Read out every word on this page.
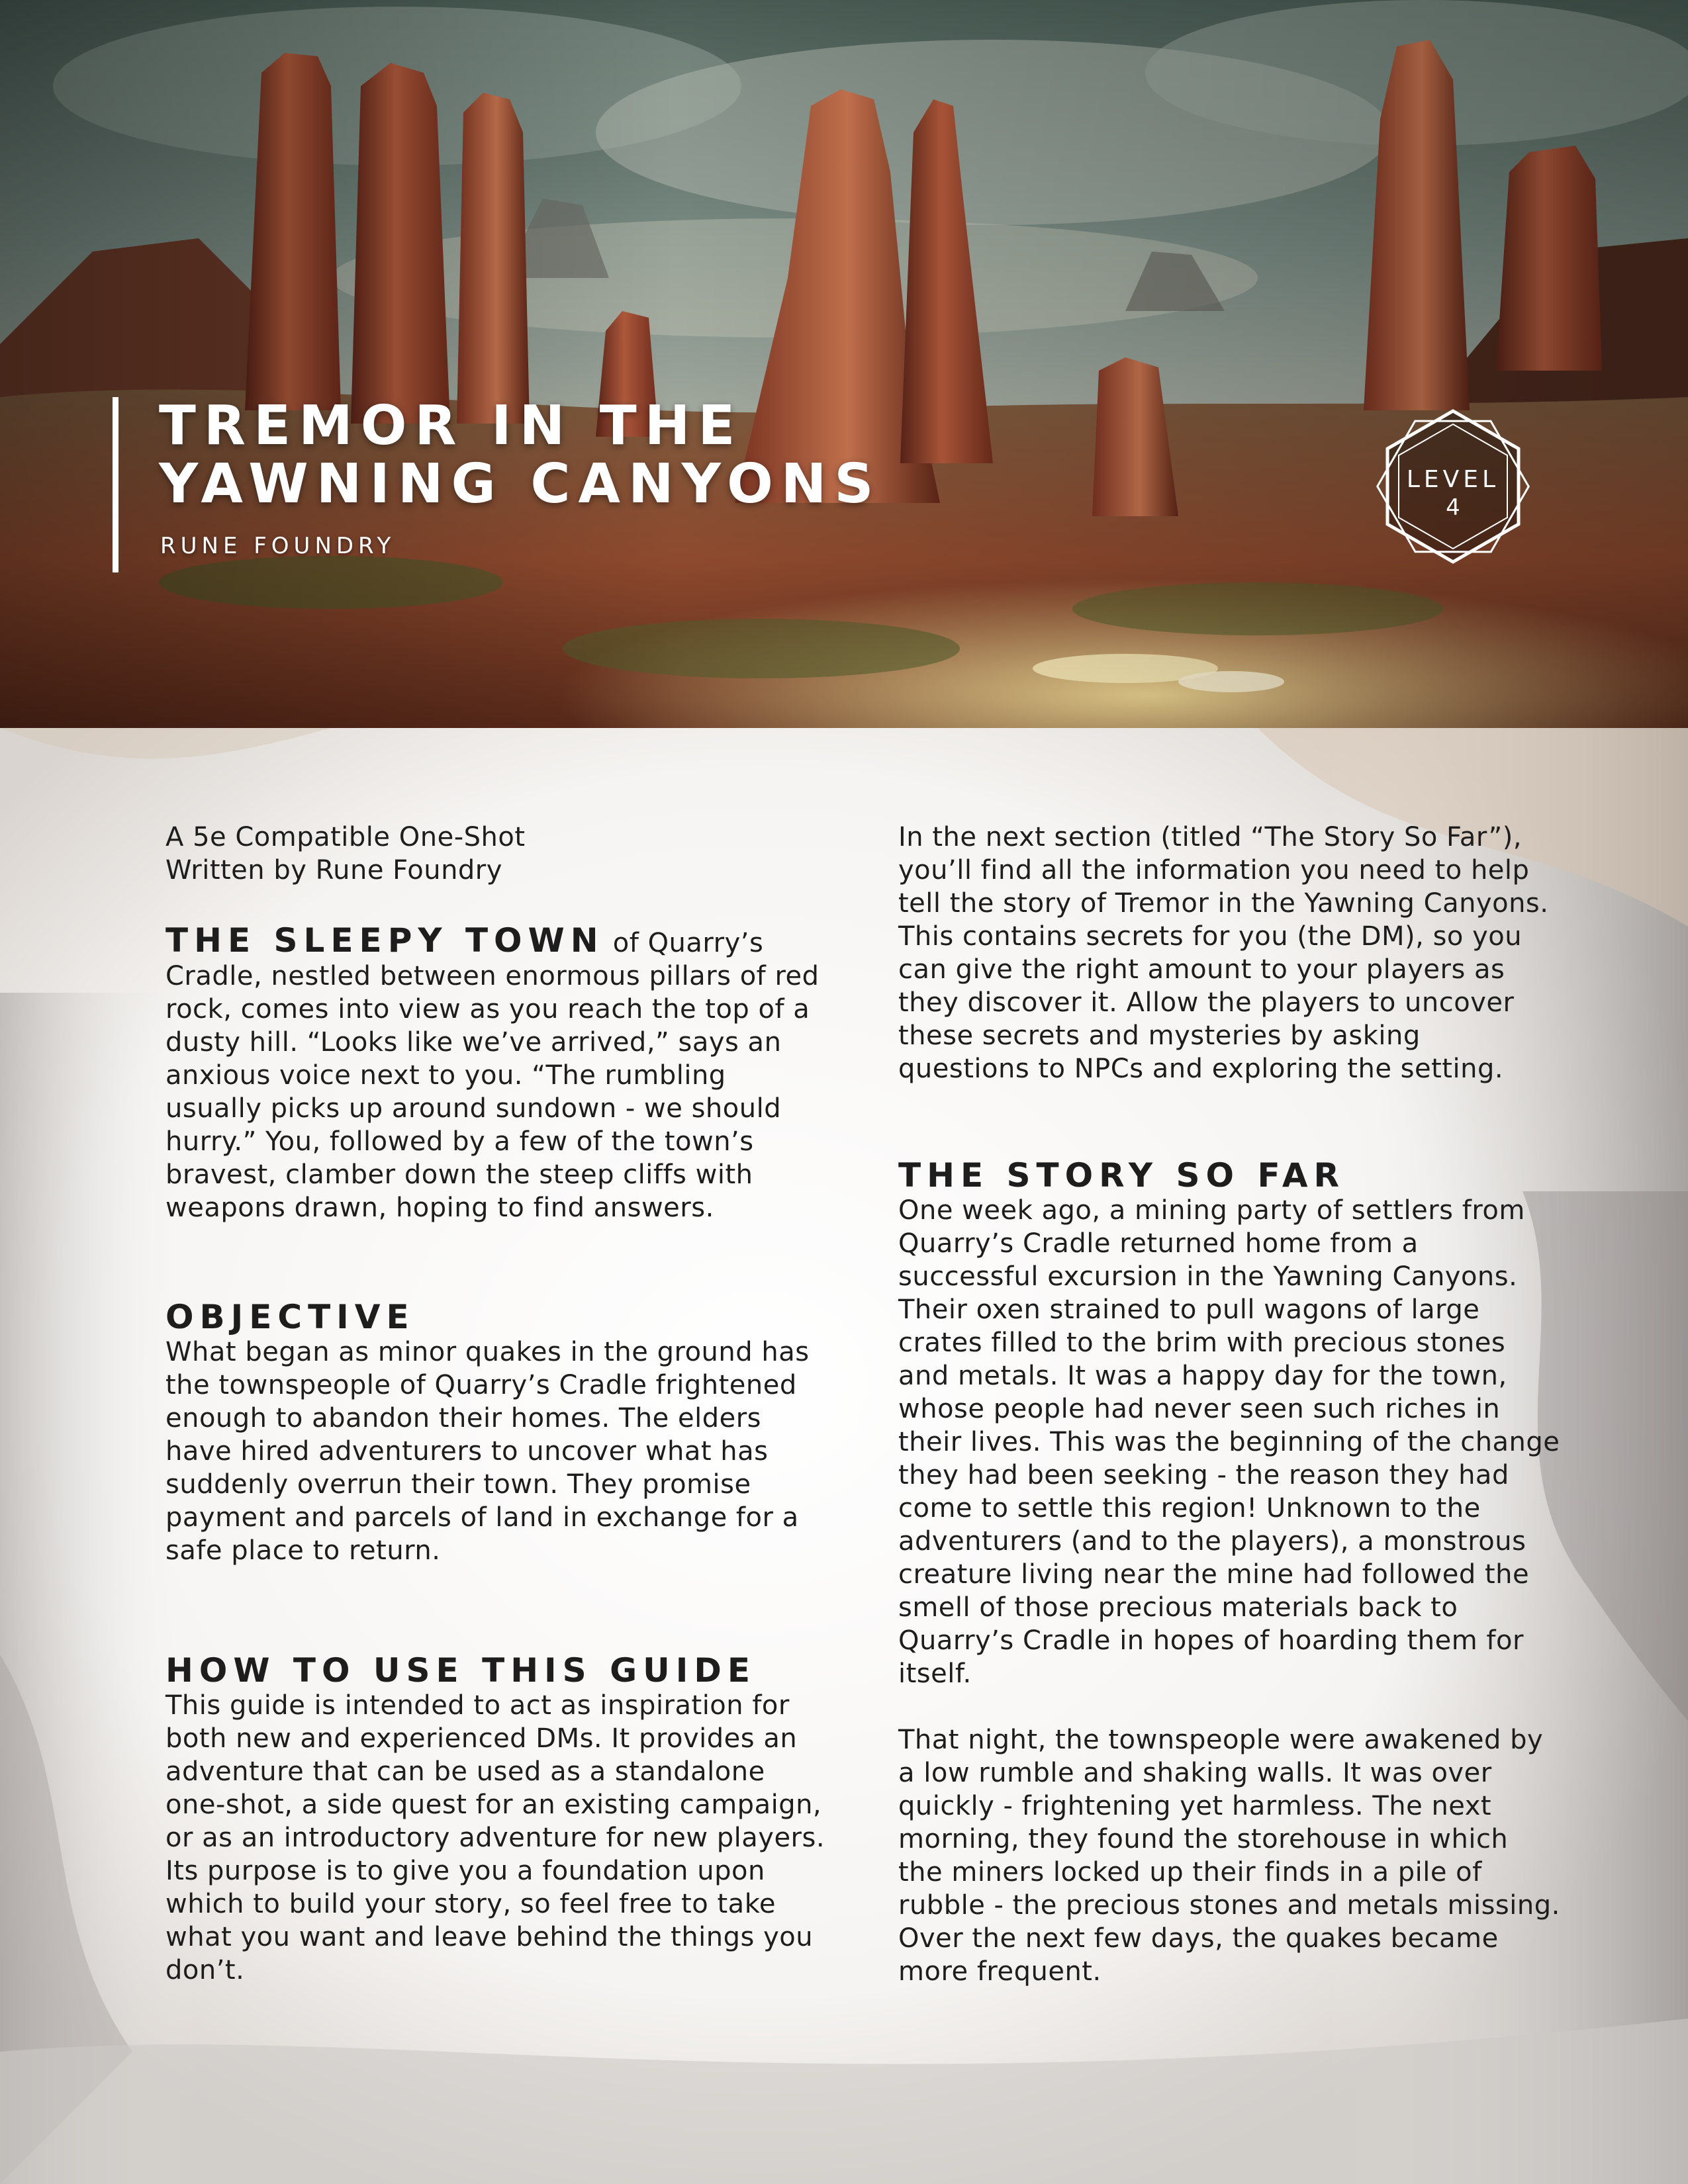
TREMOR IN THE
YAWNING CANYONS

RUNE FOUNDRY

LEVEL
4

A 5e Compatible One-Shot

Written by Rune Foundry

THE SLEEPY TOWN of Quarry’s Cradle, nestled between enormous pillars of red rock, comes into view as you reach the top of a dusty hill. “Looks like we’ve arrived,” says an anxious voice next to you. “The rumbling usually picks up around sundown - we should hurry.” You, followed by a few of the town’s bravest, clamber down the steep cliffs with weapons drawn, hoping to find answers.

OBJECTIVE

What began as minor quakes in the ground has the townspeople of Quarry’s Cradle frightened enough to abandon their homes. The elders have hired adventurers to uncover what has suddenly overrun their town. They promise payment and parcels of land in exchange for a safe place to return.

HOW TO USE THIS GUIDE

This guide is intended to act as inspiration for both new and experienced DMs. It provides an adventure that can be used as a standalone one-shot, a side quest for an existing campaign, or as an introductory adventure for new players. Its purpose is to give you a foundation upon which to build your story, so feel free to take what you want and leave behind the things you don’t.

In the next section (titled “The Story So Far”), you’ll find all the information you need to help tell the story of Tremor in the Yawning Canyons. This contains secrets for you (the DM), so you can give the right amount to your players as they discover it. Allow the players to uncover these secrets and mysteries by asking questions to NPCs and exploring the setting.

THE STORY SO FAR

One week ago, a mining party of settlers from Quarry’s Cradle returned home from a successful excursion in the Yawning Canyons. Their oxen strained to pull wagons of large crates filled to the brim with precious stones and metals. It was a happy day for the town, whose people had never seen such riches in their lives. This was the beginning of the change they had been seeking - the reason they had come to settle this region! Unknown to the adventurers (and to the players), a monstrous creature living near the mine had followed the smell of those precious materials back to Quarry’s Cradle in hopes of hoarding them for itself.

That night, the townspeople were awakened by a low rumble and shaking walls. It was over quickly - frightening yet harmless. The next morning, they found the storehouse in which the miners locked up their finds in a pile of rubble - the precious stones and metals missing. Over the next few days, the quakes became more frequent.
